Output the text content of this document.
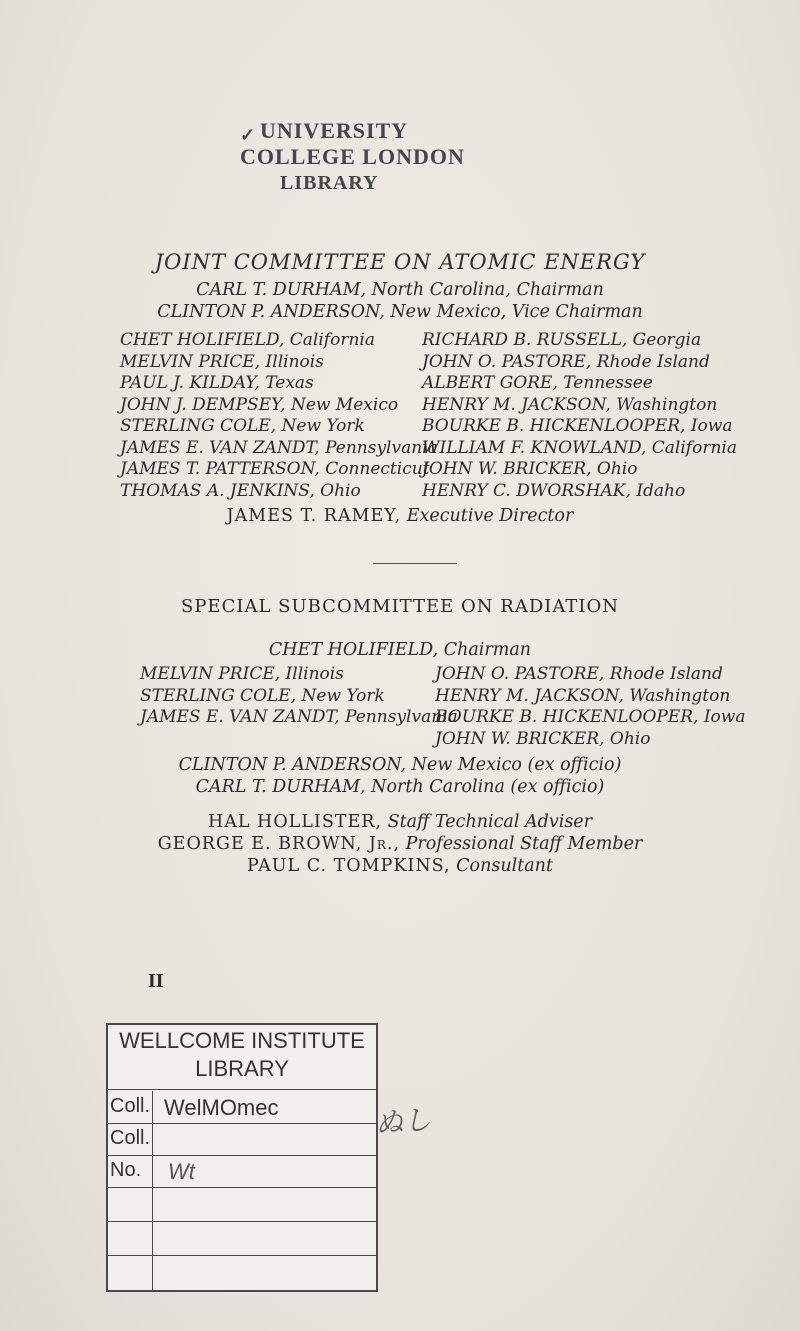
✓ UNIVERSITY
COLLEGE LONDON
LIBRARY
JOINT COMMITTEE ON ATOMIC ENERGY
CARL T. DURHAM, North Carolina, Chairman
CLINTON P. ANDERSON, New Mexico, Vice Chairman
CHET HOLIFIELD, California
MELVIN PRICE, Illinois
PAUL J. KILDAY, Texas
JOHN J. DEMPSEY, New Mexico
STERLING COLE, New York
JAMES E. VAN ZANDT, Pennsylvania
JAMES T. PATTERSON, Connecticut
THOMAS A. JENKINS, Ohio
RICHARD B. RUSSELL, Georgia
JOHN O. PASTORE, Rhode Island
ALBERT GORE, Tennessee
HENRY M. JACKSON, Washington
BOURKE B. HICKENLOOPER, Iowa
WILLIAM F. KNOWLAND, California
JOHN W. BRICKER, Ohio
HENRY C. DWORSHAK, Idaho
JAMES T. RAMEY, Executive Director
SPECIAL SUBCOMMITTEE ON RADIATION
CHET HOLIFIELD, Chairman
MELVIN PRICE, Illinois
STERLING COLE, New York
JAMES E. VAN ZANDT, Pennsylvania
JOHN O. PASTORE, Rhode Island
HENRY M. JACKSON, Washington
BOURKE B. HICKENLOOPER, Iowa
JOHN W. BRICKER, Ohio
CLINTON P. ANDERSON, New Mexico (ex officio)
CARL T. DURHAM, North Carolina (ex officio)
HAL HOLLISTER, Staff Technical Adviser
GEORGE E. BROWN, Jr., Professional Staff Member
PAUL C. TOMPKINS, Consultant
II
WELLCOME INSTITUTE
LIBRARY
Coll. WelMOmec
Coll.
No. Wt
ぬし
